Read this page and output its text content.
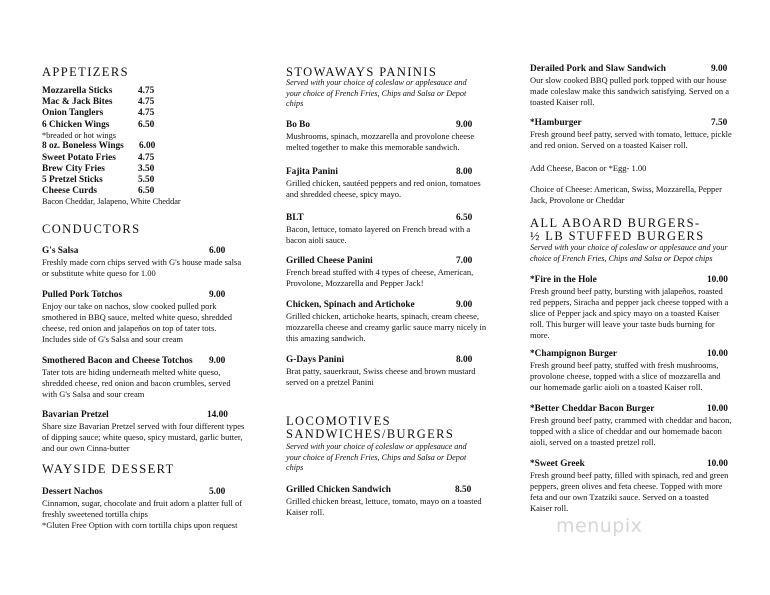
APPETIZERS
Mozzarella Sticks	4.75
Mac & Jack Bites	4.75
Onion Tanglers	4.75
6 Chicken Wings	6.50
*breaded or hot wings
8 oz. Boneless Wings 6.00
Sweet Potato Fries 4.75
Brew City Fries	3.50
5 Pretzel Sticks	5.50
Cheese Curds	6.50
Bacon Cheddar, Jalapeno, White Cheddar
CONDUCTORS
G's Salsa	6.00
Freshly made corn chips served with G's house made salsa
or substitute white queso for 1.00
Pulled Pork Totchos	9.00
Enjoy our take on nachos, slow cooked pulled pork
smothered in BBQ sauce, melted white queso, shredded
cheese, red onion and jalapeños on top of tater tots.
Includes side of G's Salsa and sour cream
Smothered Bacon and Cheese Totchos 9.00
Tater tots are hiding underneath melted white queso,
shredded cheese, red onion and bacon crumbles, served
with G's Salsa and sour cream
Bavarian Pretzel	14.00
Share size Bavarian Pretzel served with four different types
of dipping sauce; white queso, spicy mustard, garlic butter,
and our own Cinna-butter
WAYSIDE DESSERT
Dessert Nachos	5.00
Cinnamon, sugar, chocolate and fruit adorn a platter full of
freshly sweetened tortilla chips
*Gluten Free Option with corn tortilla chips upon request
STOWAWAYS PANINIS
Served with your choice of coleslaw or applesauce and
your choice of French Fries, Chips and Salsa or Depot
chips
Bo Bo	9.00
Mushrooms, spinach, mozzarella and provolone cheese
melted together to make this memorable sandwich.
Fajita Panini	8.00
Grilled chicken, sautéed peppers and red onion, tomatoes
and shredded cheese, spicy mayo.
BLT	6.50
Bacon, lettuce, tomato layered on French bread with a
bacon aioli sauce.
Grilled Cheese Panini	7.00
French bread stuffed with 4 types of cheese, American,
Provolone, Mozzarella and Pepper Jack!
Chicken, Spinach and Artichoke	9.00
Grilled chicken, artichoke hearts, spinach, cream cheese,
mozzarella cheese and creamy garlic sauce marry nicely in
this amazing sandwich.
G-Days Panini	8.00
Brat patty, sauerkraut, Swiss cheese and brown mustard
served on a pretzel Panini
LOCOMOTIVES
SANDWICHES/BURGERS
Served with your choice of coleslaw or applesauce and
your choice of French Fries, Chips and Salsa or Depot
chips
Grilled Chicken Sandwich	8.50
Grilled chicken breast, lettuce, tomato, mayo on a toasted
Kaiser roll.
Derailed Pork and Slaw Sandwich	9.00
Our slow cooked BBQ pulled pork topped with our house
made coleslaw make this sandwich satisfying. Served on a
toasted Kaiser roll.
*Hamburger	7.50
Fresh ground beef patty, served with tomato, lettuce, pickle
and red onion. Served on a toasted Kaiser roll.
Add Cheese, Bacon or *Egg- 1.00
Choice of Cheese: American, Swiss, Mozzarella, Pepper
Jack, Provolone or Cheddar
ALL ABOARD BURGERS-
½ LB STUFFED BURGERS
Served with your choice of coleslaw or applesauce and your
choice of French Fries, Chips and Salsa or Depot chips
*Fire in the Hole	10.00
Fresh ground beef patty, bursting with jalapeños, roasted
red peppers, Siracha and pepper jack cheese topped with a
slice of Pepper jack and spicy mayo on a toasted Kaiser
roll. This burger will leave your taste buds burning for
more.
*Champignon Burger	10.00
Fresh ground beef patty, stuffed with fresh mushrooms,
provolone cheese, topped with a slice of mozzarella and
our homemade garlic aioli on a toasted Kaiser roll.
*Better Cheddar Bacon Burger	10.00
Fresh ground beef patty, crammed with cheddar and bacon,
topped with a slice of cheddar and our homemade bacon
aioli, served on a toasted pretzel roll.
*Sweet Greek	10.00
Fresh ground beef patty, filled with spinach, red and green
peppers, green olives and feta cheese. Topped with more
feta and our own Tzatziki sauce. Served on a toasted
Kaiser roll.
menupix
